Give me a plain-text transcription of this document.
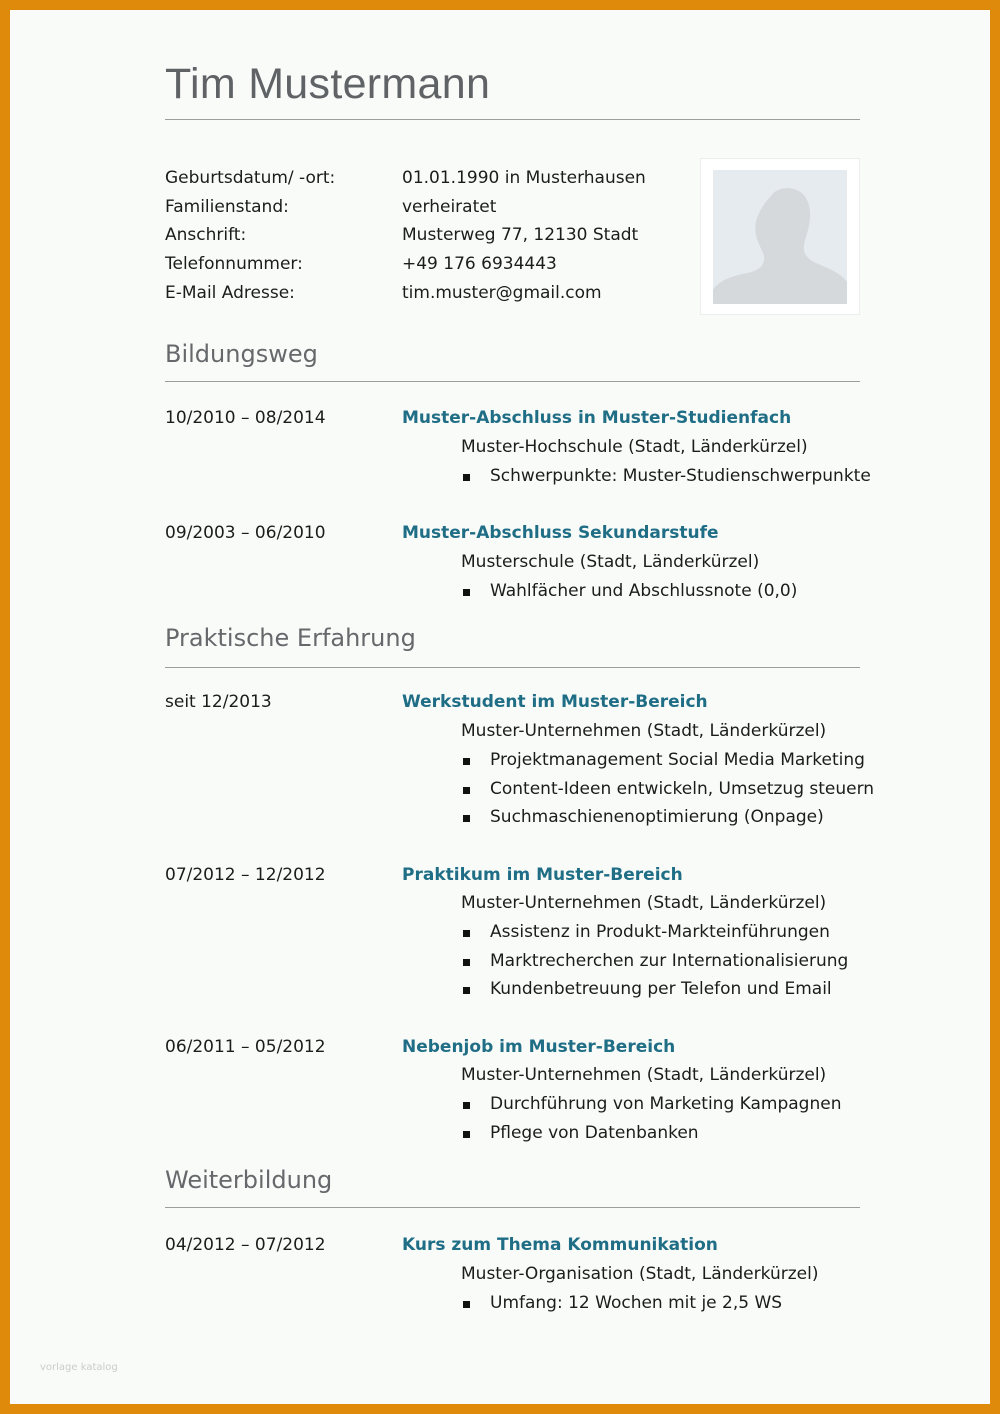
Tim Mustermann
Geburtsdatum/ -ort:	01.01.1990 in Musterhausen
Familienstand:	verheiratet
Anschrift:	Musterweg 77, 12130 Stadt
Telefonnummer:	+49 176 6934443
E-Mail Adresse:	tim.muster@gmail.com
Bildungsweg
10/2010 – 08/2014	Muster-Abschluss in Muster-Studienfach
Muster-Hochschule (Stadt, Länderkürzel)
Schwerpunkte: Muster-Studienschwerpunkte
09/2003 – 06/2010	Muster-Abschluss Sekundarstufe
Musterschule (Stadt, Länderkürzel)
Wahlfächer und Abschlussnote (0,0)
Praktische Erfahrung
seit 12/2013	Werkstudent im Muster-Bereich
Muster-Unternehmen (Stadt, Länderkürzel)
Projektmanagement Social Media Marketing
Content-Ideen entwickeln, Umsetzug steuern
Suchmaschienenoptimierung (Onpage)
07/2012 – 12/2012	Praktikum im Muster-Bereich
Muster-Unternehmen (Stadt, Länderkürzel)
Assistenz in Produkt-Markteinführungen
Marktrecherchen zur Internationalisierung
Kundenbetreuung per Telefon und Email
06/2011 – 05/2012	Nebenjob im Muster-Bereich
Muster-Unternehmen (Stadt, Länderkürzel)
Durchführung von Marketing Kampagnen
Pflege von Datenbanken
Weiterbildung
04/2012 – 07/2012	Kurs zum Thema Kommunikation
Muster-Organisation (Stadt, Länderkürzel)
Umfang: 12 Wochen mit je 2,5 WS
vorlage katalog
